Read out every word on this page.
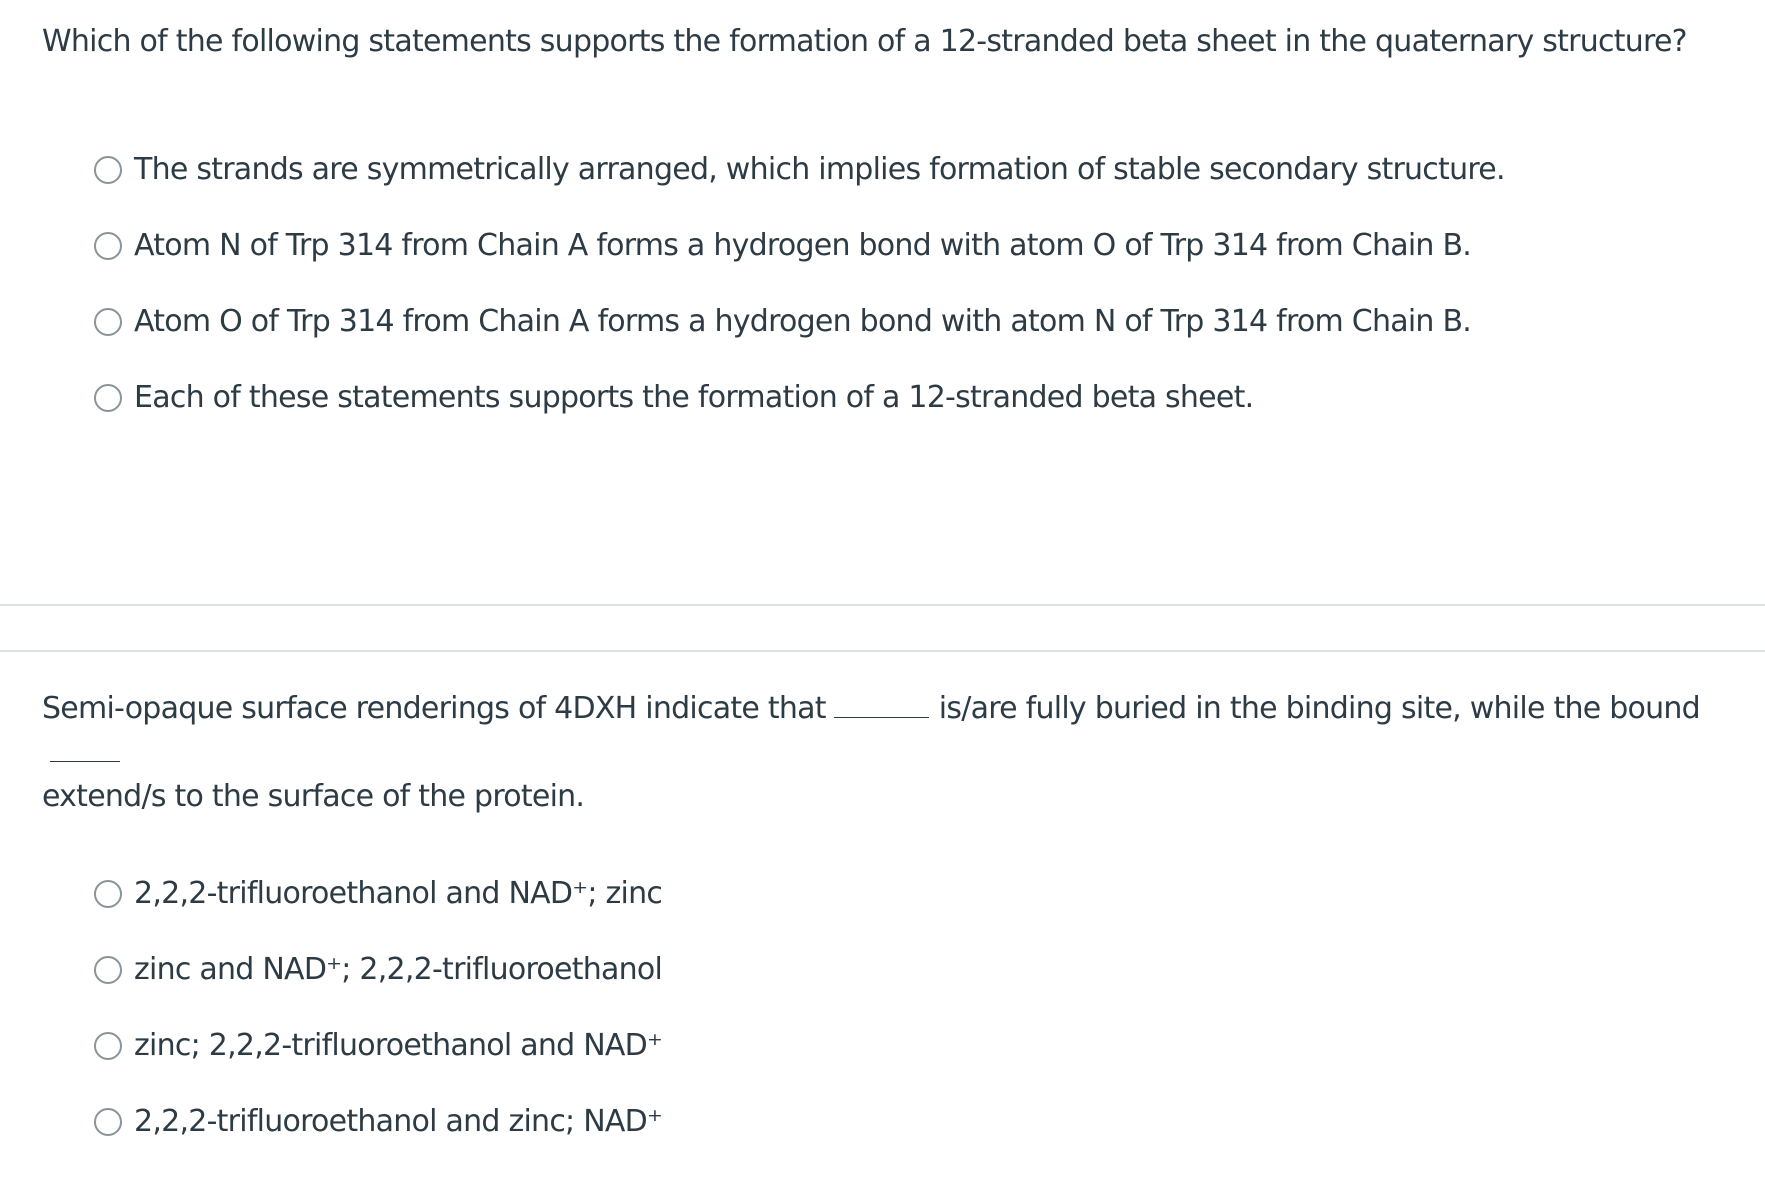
Which of the following statements supports the formation of a 12-stranded beta sheet in the quaternary structure?
The strands are symmetrically arranged, which implies formation of stable secondary structure.
Atom N of Trp 314 from Chain A forms a hydrogen bond with atom O of Trp 314 from Chain B.
Atom O of Trp 314 from Chain A forms a hydrogen bond with atom N of Trp 314 from Chain B.
Each of these statements supports the formation of a 12-stranded beta sheet.
Semi-opaque surface renderings of 4DXH indicate that	is/are fully buried in the binding site, while the bound
extend/s to the surface of the protein.
2,2,2-trifluoroethanol and NAD⁺; zinc
zinc and NAD⁺; 2,2,2-trifluoroethanol
zinc; 2,2,2-trifluoroethanol and NAD⁺
2,2,2-trifluoroethanol and zinc; NAD⁺
